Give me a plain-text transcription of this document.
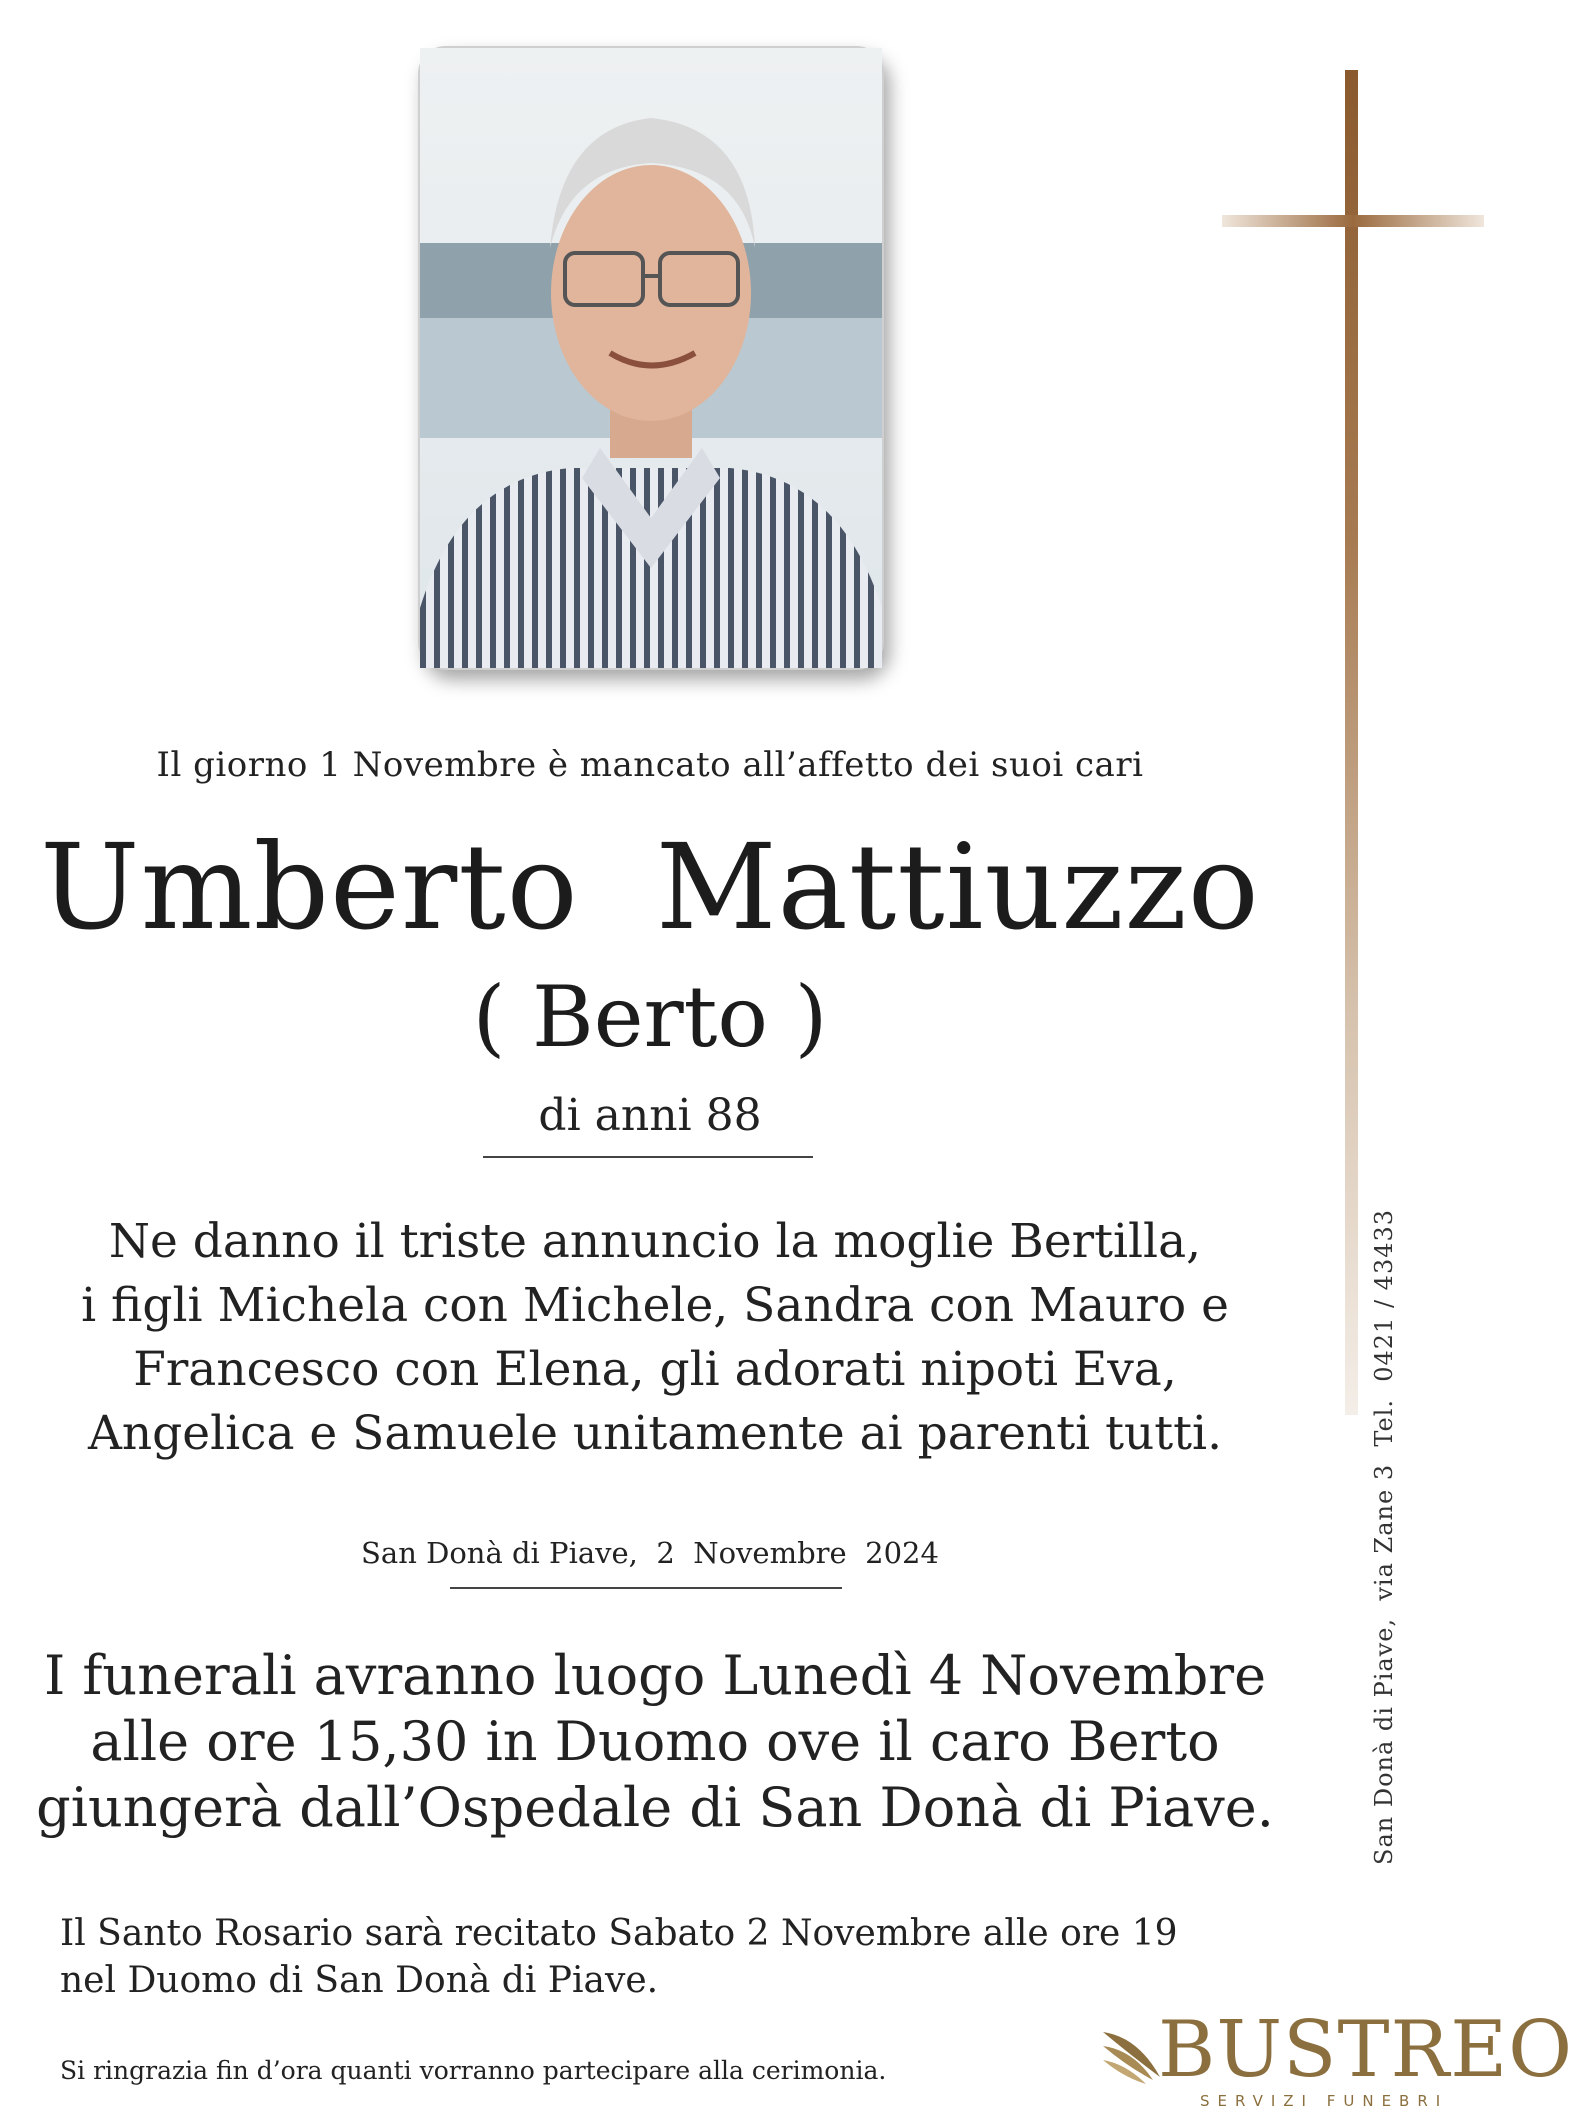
Il giorno 1 Novembre è mancato all’affetto dei suoi cari
Umberto  Mattiuzzo
( Berto )
di anni 88
Ne danno il triste annuncio la moglie Bertilla,
i figli Michela con Michele, Sandra con Mauro e
Francesco con Elena, gli adorati nipoti Eva,
Angelica e Samuele unitamente ai parenti tutti.
San Donà di Piave,  2  Novembre  2024
I funerali avranno luogo Lunedì 4 Novembre
alle ore 15,30 in Duomo ove il caro Berto
giungerà dall’Ospedale di San Donà di Piave.
Il Santo Rosario sarà recitato Sabato 2 Novembre alle ore 19
nel Duomo di San Donà di Piave.
Si ringrazia fin d’ora quanti vorranno partecipare alla cerimonia.
San Donà di Piave,  via Zane 3  Tel.  0421 / 43433
BUSTREO
SERVIZI FUNEBRI
